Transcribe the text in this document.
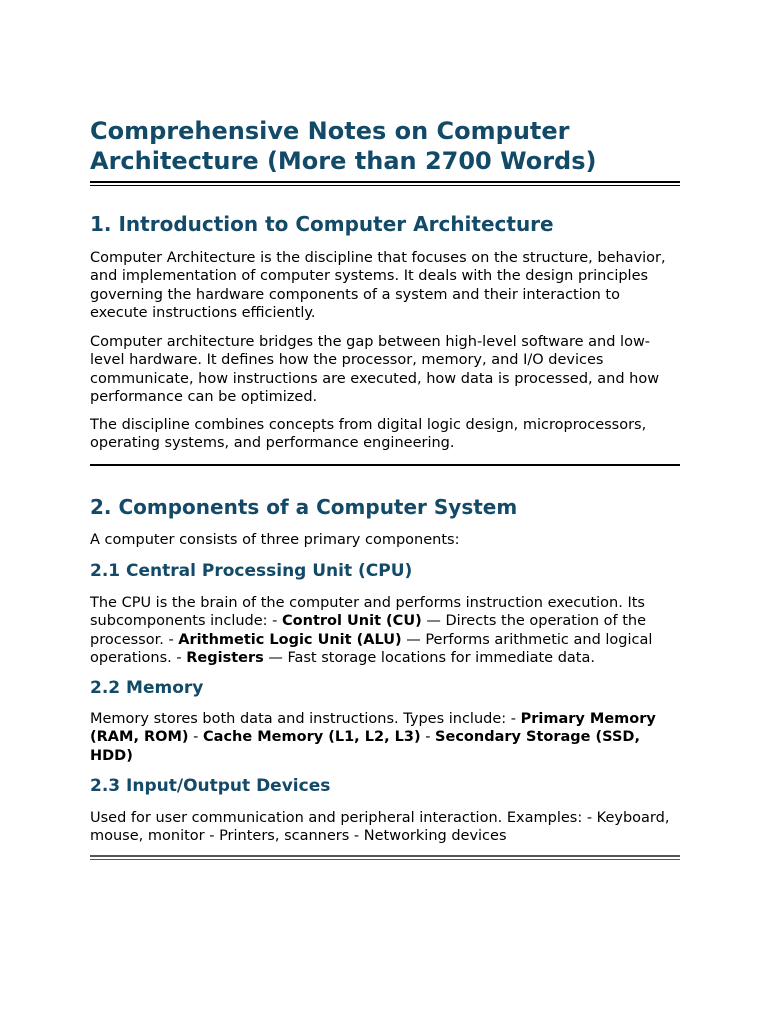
Comprehensive Notes on Computer Architecture (More than 2700 Words)
1. Introduction to Computer Architecture

Computer Architecture is the discipline that focuses on the structure, behavior, and implementation of computer systems. It deals with the design principles governing the hardware components of a system and their interaction to execute instructions efficiently.

Computer architecture bridges the gap between high-level software and low-level hardware. It defines how the processor, memory, and I/O devices communicate, how instructions are executed, how data is processed, and how performance can be optimized.

The discipline combines concepts from digital logic design, microprocessors, operating systems, and performance engineering.

2. Components of a Computer System

A computer consists of three primary components:

2.1 Central Processing Unit (CPU)

The CPU is the brain of the computer and performs instruction execution. Its subcomponents include: - Control Unit (CU) — Directs the operation of the processor. - Arithmetic Logic Unit (ALU) — Performs arithmetic and logical operations. - Registers — Fast storage locations for immediate data.

2.2 Memory

Memory stores both data and instructions. Types include: - Primary Memory (RAM, ROM) - Cache Memory (L1, L2, L3) - Secondary Storage (SSD, HDD)

2.3 Input/Output Devices

Used for user communication and peripheral interaction. Examples: - Keyboard, mouse, monitor - Printers, scanners - Networking devices
